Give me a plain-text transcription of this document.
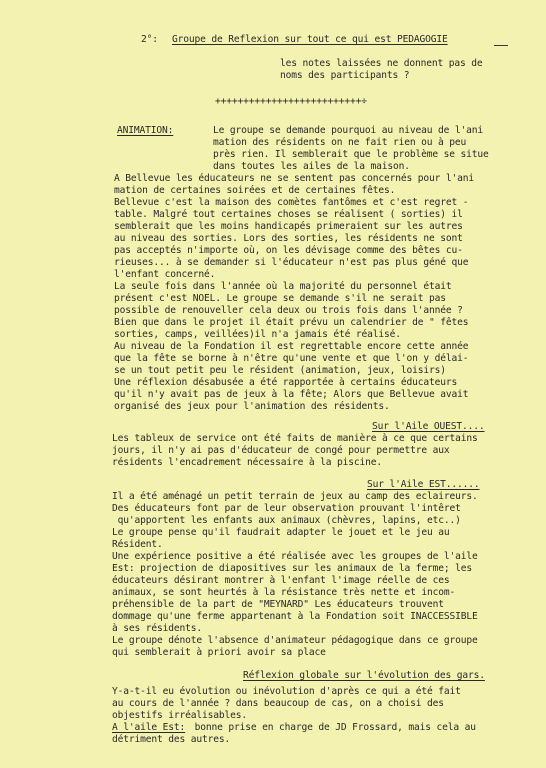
2°: Groupe de Reflexion sur tout ce qui est PEDAGOGIE
les notes laissées ne donnent pas de
noms des participants ?
++++++++++++++++++++++++++÷
ANIMATION:	Le groupe se demande pourquoi au niveau de l'ani
mation des résidents on ne fait rien ou à peu
près rien. Il semblerait que le problème se situe
dans toutes les ailes de la maison.
A Bellevue les éducateurs ne se sentent pas concernés pour l'ani
mation de certaines soirées et de certaines fêtes.
Bellevue c'est la maison des comètes fantômes et c'est regret -
table. Malgré tout certaines choses se réalisent ( sorties) il
semblerait que les moins handicapés primeraient sur les autres
au niveau des sorties. Lors des sorties, les résidents ne sont
pas acceptés n'importe où, on les dévisage comme des bêtes cu-
rieuses... à se demander si l'éducateur n'est pas plus géné que
l'enfant concerné.
La seule fois dans l'année où la majorité du personnel était
présent c'est NOEL. Le groupe se demande s'il ne serait pas
possible de renouveller cela deux ou trois fois dans l'année ?
Bien que dans le projet il était prévu un calendrier de " fêtes
sorties, camps, veillées)il n'a jamais été réalisé.
Au niveau de la Fondation il est regrettable encore cette année
que la fête se borne à n'être qu'une vente et que l'on y délai-
se un tout petit peu le résident (animation, jeux, loisirs)
Une réflexion désabusée a été rapportée à certains éducateurs
qu'il n'y avait pas de jeux à la fête; Alors que Bellevue avait
organisé des jeux pour l'animation des résidents.
Sur l'Aile OUEST....
Les tableux de service ont été faits de manière à ce que certains
jours, il n'y ai pas d'éducateur de congé pour permettre aux
résidents l'encadrement nécessaire à la piscine.
Sur l'Aile EST......
Il a été aménagé un petit terrain de jeux au camp des eclaireurs.
Des éducateurs font par de leur observation prouvant l'intêret
qu'apportent les enfants aux animaux (chèvres, lapins, etc..)
Le groupe pense qu'il faudrait adapter le jouet et le jeu au
Résident.
Une expérience positive a été réalisée avec les groupes de l'aile
Est: projection de diapositives sur les animaux de la ferme; les
éducateurs désirant montrer à l'enfant l'image réelle de ces
animaux, se sont heurtés à la résistance très nette et incom-
préhensible de la part de "MEYNARD" Les éducateurs trouvent
dommage qu'une ferme appartenant à la Fondation soit INACCESSIBLE
à ses résidents.
Le groupe dénote l'absence d'animateur pédagogique dans ce groupe
qui semblerait à priori avoir sa place
Réflexion globale sur l'évolution des gars.
Y-a-t-il eu évolution ou inévolution d'après ce qui a été fait
au cours de l'année ? dans beaucoup de cas, on a choisi des
objestifs irréalisables.
A l'aile Est: bonne prise en charge de JD Frossard, mais cela au
détriment des autres.
